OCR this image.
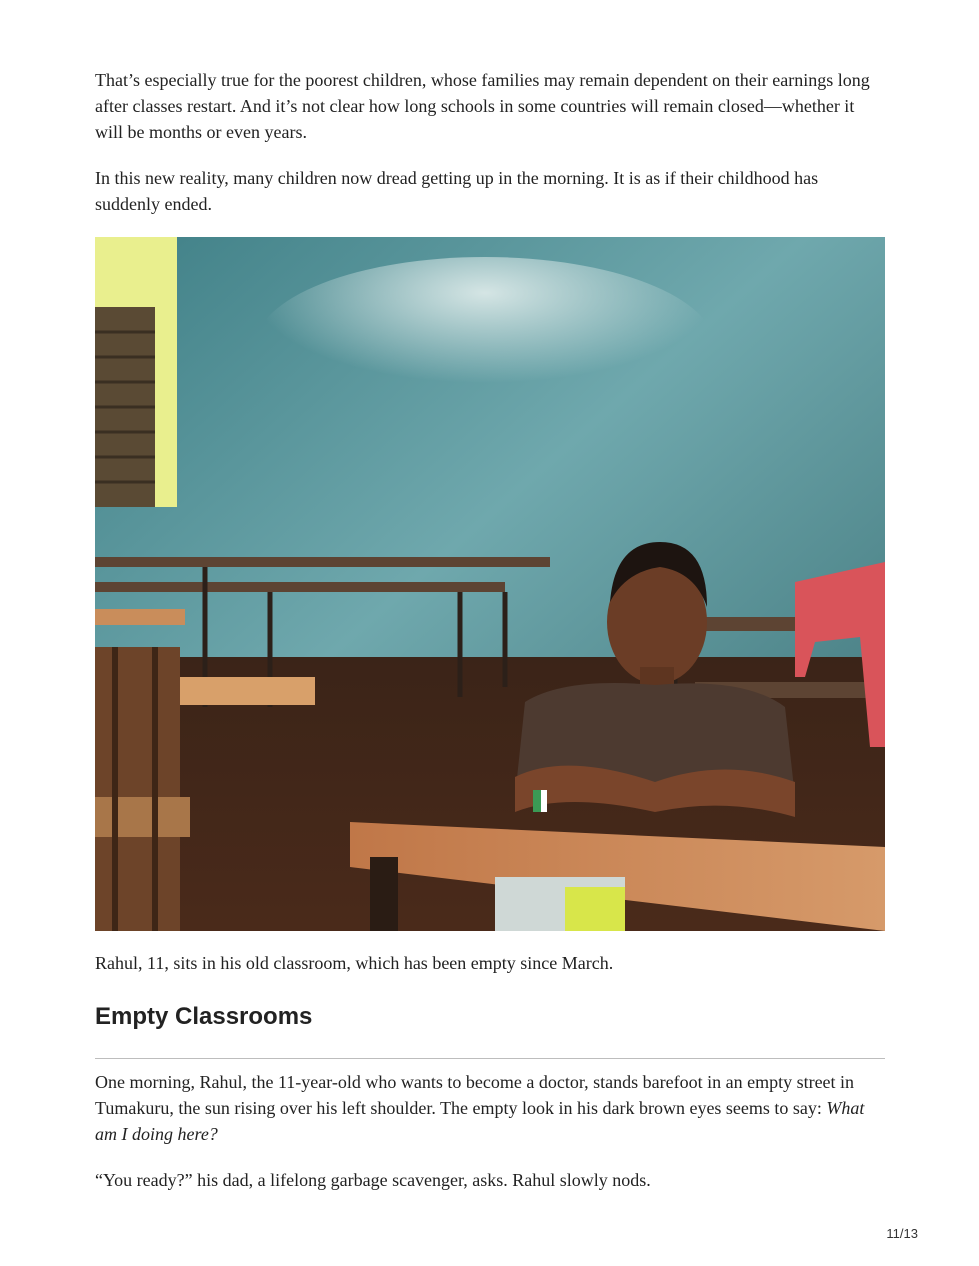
That’s especially true for the poorest children, whose families may remain dependent on their earnings long after classes restart. And it’s not clear how long schools in some countries will remain closed—whether it will be months or even years.

In this new reality, many children now dread getting up in the morning. It is as if their childhood has suddenly ended.

Rahul, 11, sits in his old classroom, which has been empty since March.

Empty Classrooms

One morning, Rahul, the 11-year-old who wants to become a doctor, stands barefoot in an empty street in Tumakuru, the sun rising over his left shoulder. The empty look in his dark brown eyes seems to say: What am I doing here?

“You ready?” his dad, a lifelong garbage scavenger, asks. Rahul slowly nods.

11/13
